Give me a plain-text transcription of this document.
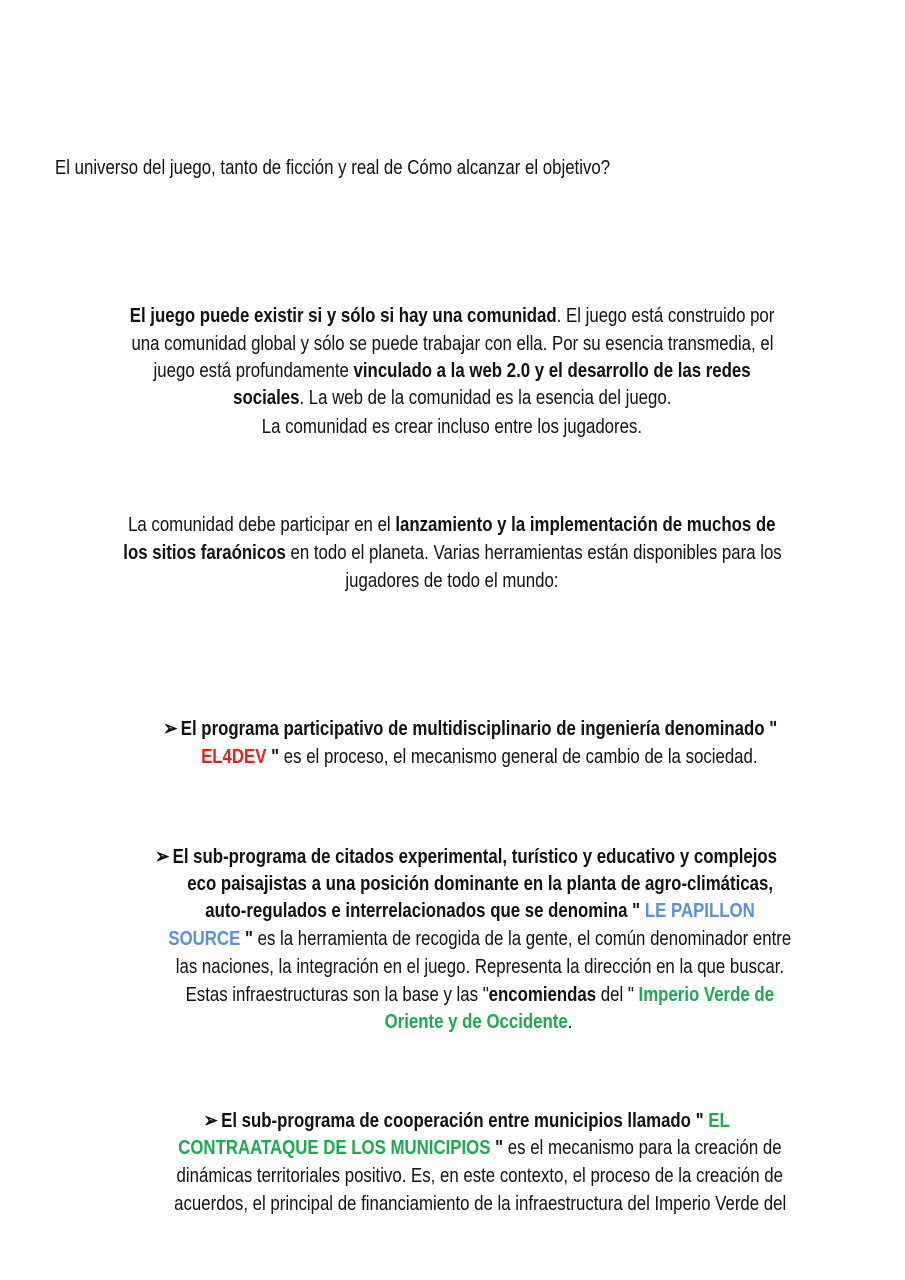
El universo del juego, tanto de ficción y real de Cómo alcanzar el objetivo?
El juego puede existir si y sólo si hay una comunidad. El juego está construido por
una comunidad global y sólo se puede trabajar con ella. Por su esencia transmedia, el
juego está profundamente vinculado a la web 2.0 y el desarrollo de las redes
sociales. La web de la comunidad es la esencia del juego.
La comunidad es crear incluso entre los jugadores.
La comunidad debe participar en el lanzamiento y la implementación de muchos de
los sitios faraónicos en todo el planeta. Varias herramientas están disponibles para los
jugadores de todo el mundo:
➢ El programa participativo de multidisciplinario de ingeniería denominado "
EL4DEV " es el proceso, el mecanismo general de cambio de la sociedad.
➢ El sub-programa de citados experimental, turístico y educativo y complejos
eco paisajistas a una posición dominante en la planta de agro-climáticas,
auto-regulados e interrelacionados que se denomina " LE PAPILLON
SOURCE " es la herramienta de recogida de la gente, el común denominador entre
las naciones, la integración en el juego. Representa la dirección en la que buscar.
Estas infraestructuras son la base y las "encomiendas del " Imperio Verde de
Oriente y de Occidente.
➢ El sub-programa de cooperación entre municipios llamado " EL
CONTRAATAQUE DE LOS MUNICIPIOS " es el mecanismo para la creación de
dinámicas territoriales positivo. Es, en este contexto, el proceso de la creación de
acuerdos, el principal de financiamiento de la infraestructura del Imperio Verde del
